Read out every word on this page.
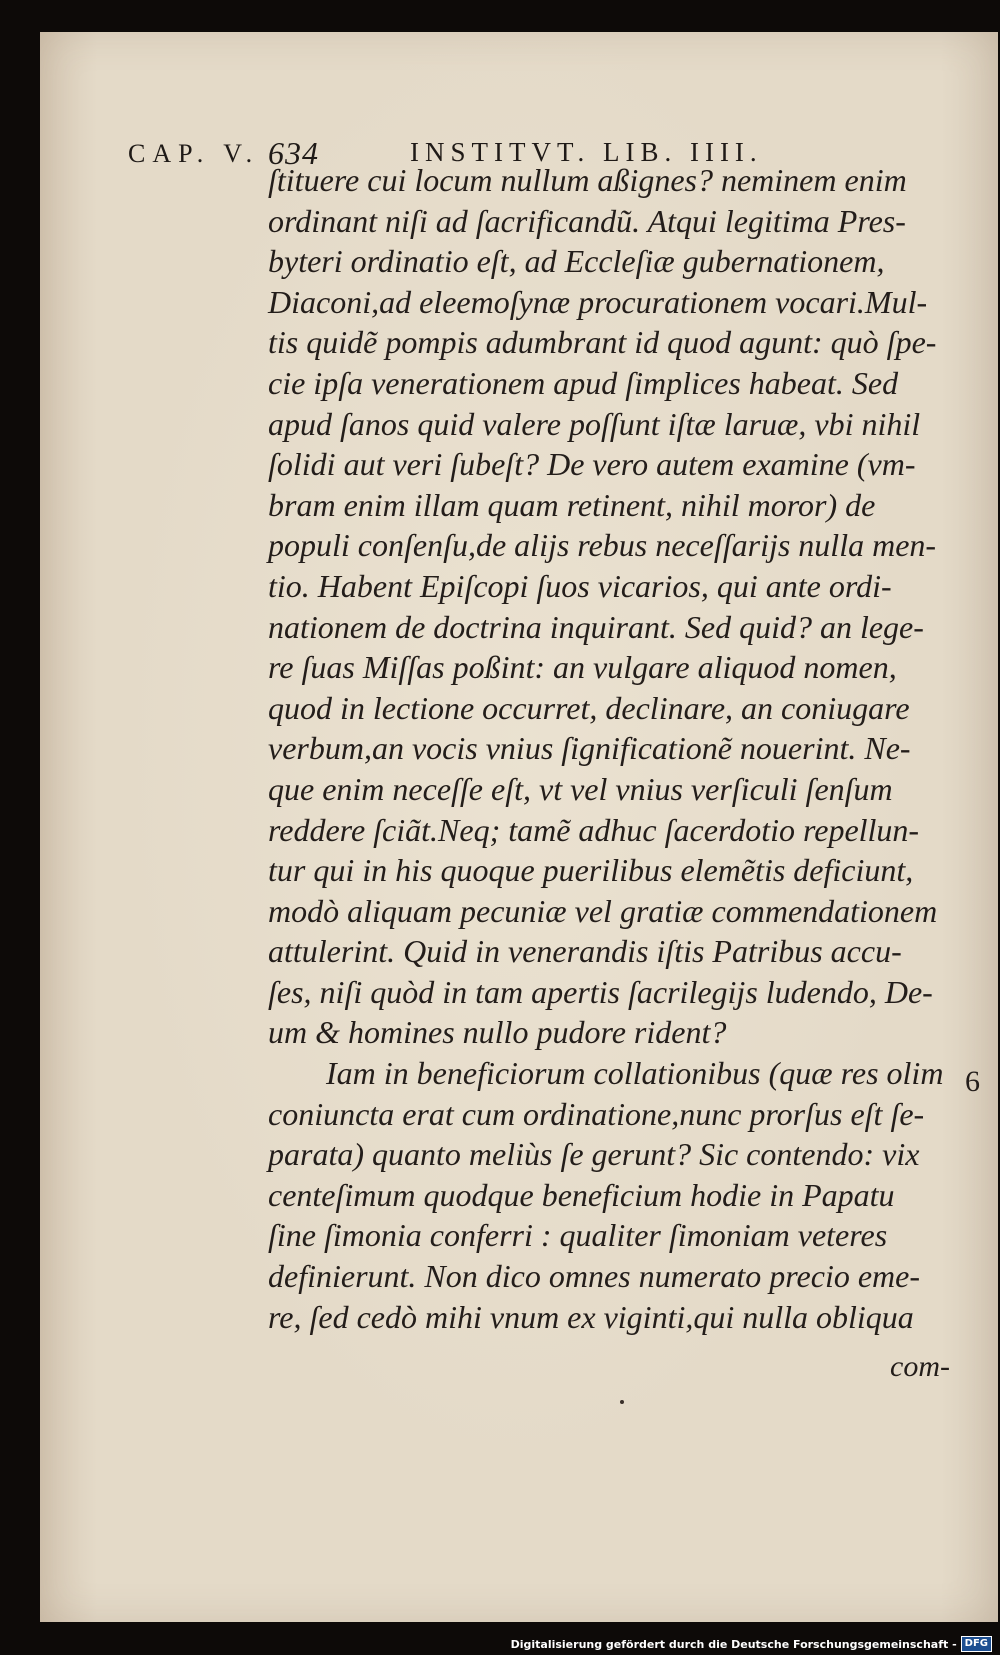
CAP. V. 634	INSTITVT. LIB. IIII.
ſtituere cui locum nullum aßignes? neminem enim
ordinant niſi ad ſacrificandũ. Atqui legitima Pres-
byteri ordinatio eſt, ad Eccleſiæ gubernationem,
Diaconi,ad eleemoſynæ procurationem vocari.Mul-
tis quidẽ pompis adumbrant id quod agunt: quò ſpe-
cie ipſa venerationem apud ſimplices habeat. Sed
apud ſanos quid valere poſſunt iſtæ laruæ, vbi nihil
ſolidi aut veri ſubeſt? De vero autem examine (vm-
bram enim illam quam retinent, nihil moror) de
populi conſenſu,de alijs rebus neceſſarijs nulla men-
tio. Habent Epiſcopi ſuos vicarios, qui ante ordi-
nationem de doctrina inquirant. Sed quid? an lege-
re ſuas Miſſas poßint: an vulgare aliquod nomen,
quod in lectione occurret, declinare, an coniugare
verbum,an vocis vnius ſignificationẽ nouerint. Ne-
que enim neceſſe eſt, vt vel vnius verſiculi ſenſum
reddere ſciãt.Neq; tamẽ adhuc ſacerdotio repellun-
tur qui in his quoque puerilibus elemẽtis deficiunt,
modò aliquam pecuniæ vel gratiæ commendationem
attulerint. Quid in venerandis iſtis Patribus accu-
ſes, niſi quòd in tam apertis ſacrilegijs ludendo, De-
um & homines nullo pudore rident?
Iam in beneficiorum collationibus (quæ res olim
coniuncta erat cum ordinatione,nunc prorſus eſt ſe-
parata) quanto meliùs ſe gerunt? Sic contendo: vix
centeſimum quodque beneficium hodie in Papatu
ſine ſimonia conferri : qualiter ſimoniam veteres
definierunt. Non dico omnes numerato precio eme-
re, ſed cedò mihi vnum ex viginti,qui nulla obliqua
6
com-
Digitalisierung gefördert durch die Deutsche Forschungsgemeinschaft - DFG
